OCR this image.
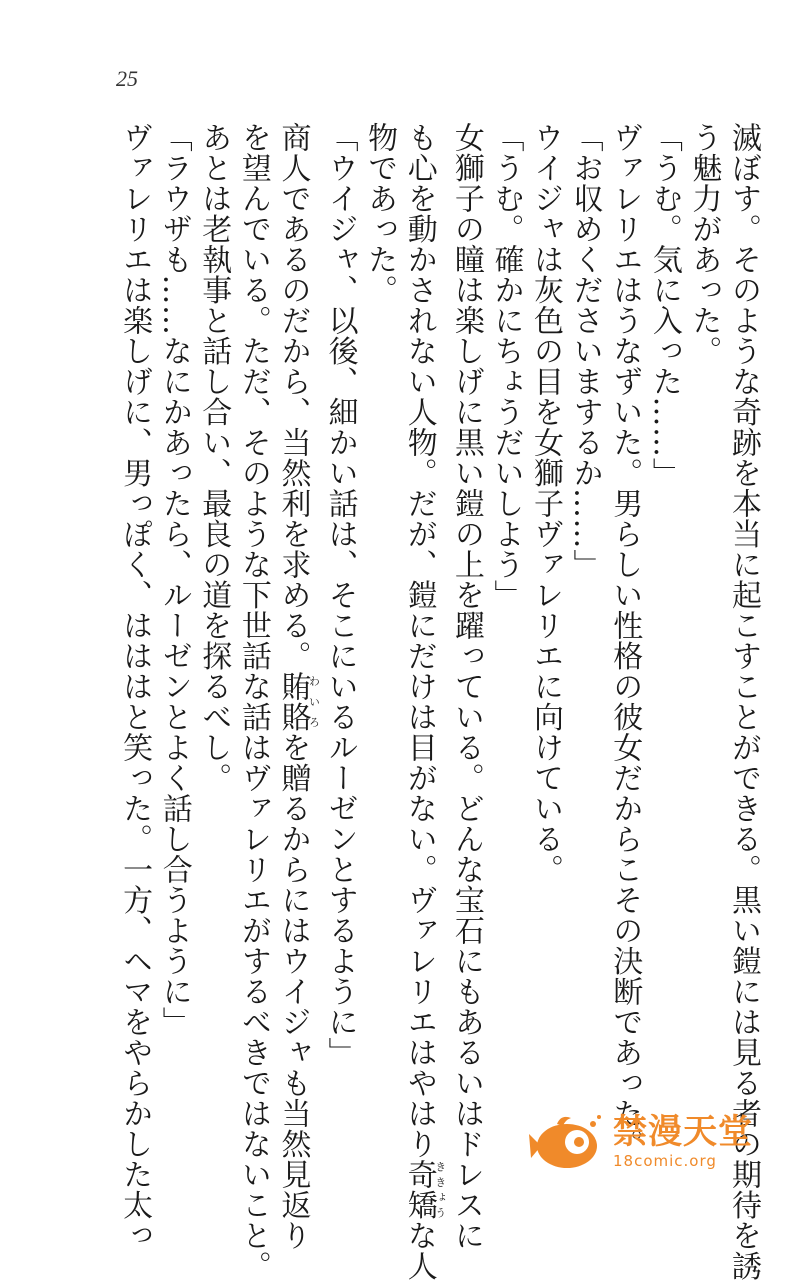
25
滅ぼす。そのような奇跡を本当に起こすことができる。黒い鎧には見る者の期待を誘
う魅力があった。
「うむ。気に入った……」
ヴァレリエはうなずいた。男らしい性格の彼女だからこその決断であった。
「お収めくださいまするか……」
ウイジャは灰色の目を女獅子ヴァレリエに向けている。
「うむ。確かにちょうだいしよう」
女獅子の瞳は楽しげに黒い鎧の上を躍っている。どんな宝石にもあるいはドレスに
も心を動かされない人物。だが、鎧にだけは目がない。ヴァレリエはやはり奇矯ききょうな人
物であった。
「ウイジャ、以後、細かい話は、そこにいるルーゼンとするように」
商人であるのだから、当然利を求める。賄賂わいろを贈るからにはウイジャも当然見返り
を望んでいる。ただ、そのような下世話な話はヴァレリエがするべきではないこと。
あとは老執事と話し合い、最良の道を探るべし。
「ラウザも……なにかあったら、ルーゼンとよく話し合うように」
ヴァレリエは楽しげに、男っぽく、はははと笑った。一方、ヘマをやらかした太っ	禁漫天堂
18comic.org
